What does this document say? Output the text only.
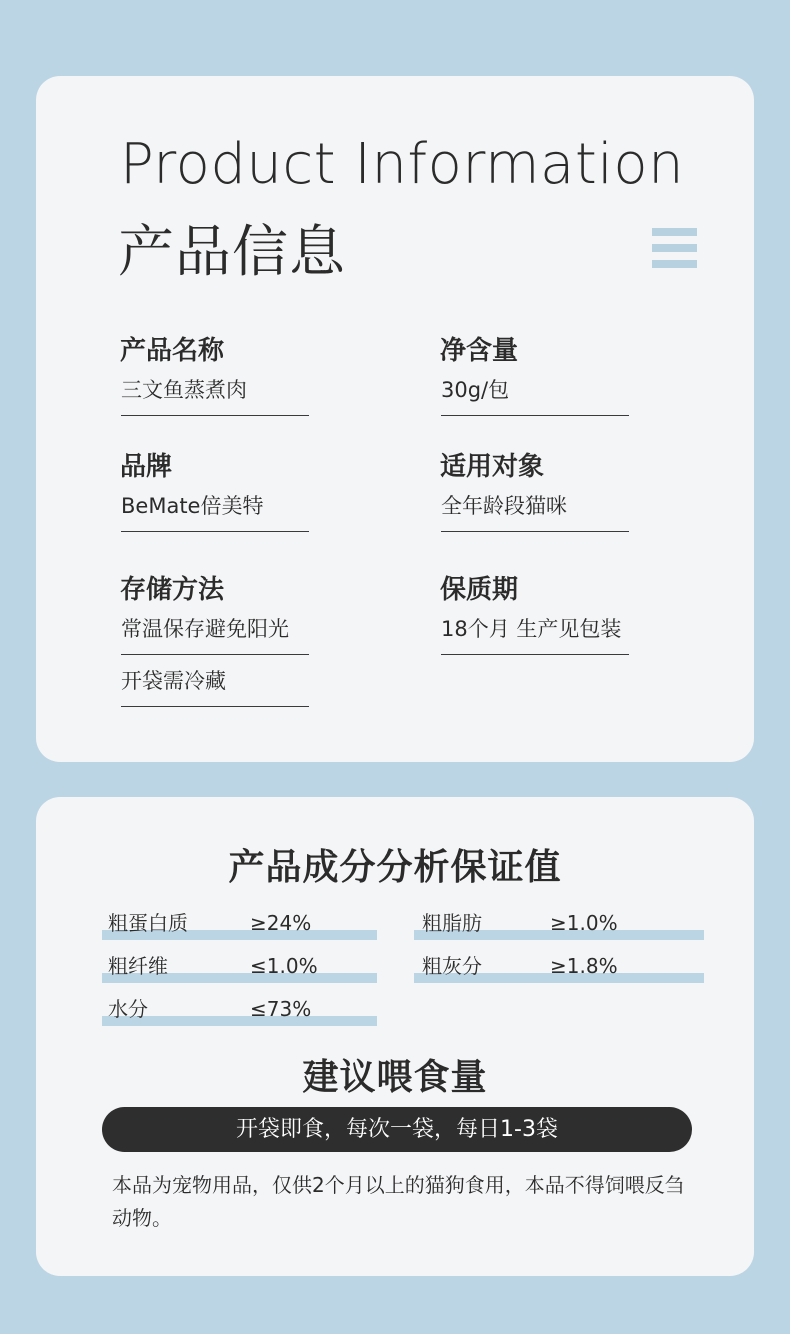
Product Information
产品信息
产品名称
三文鱼蒸煮肉
净含量
30g/包
品牌
BeMate倍美特
适用对象
全年龄段猫咪
存储方法
常温保存避免阳光
开袋需冷藏
保质期
18个月 生产见包装
产品成分分析保证值
粗蛋白质	≥24%	粗脂肪	≥1.0%
粗纤维	≤1.0%	粗灰分	≥1.8%
水分	≤73%
建议喂食量
开袋即食，每次一袋，每日1-3袋
本品为宠物用品，仅供2个月以上的猫狗食用，本品不得饲喂反刍动物。
